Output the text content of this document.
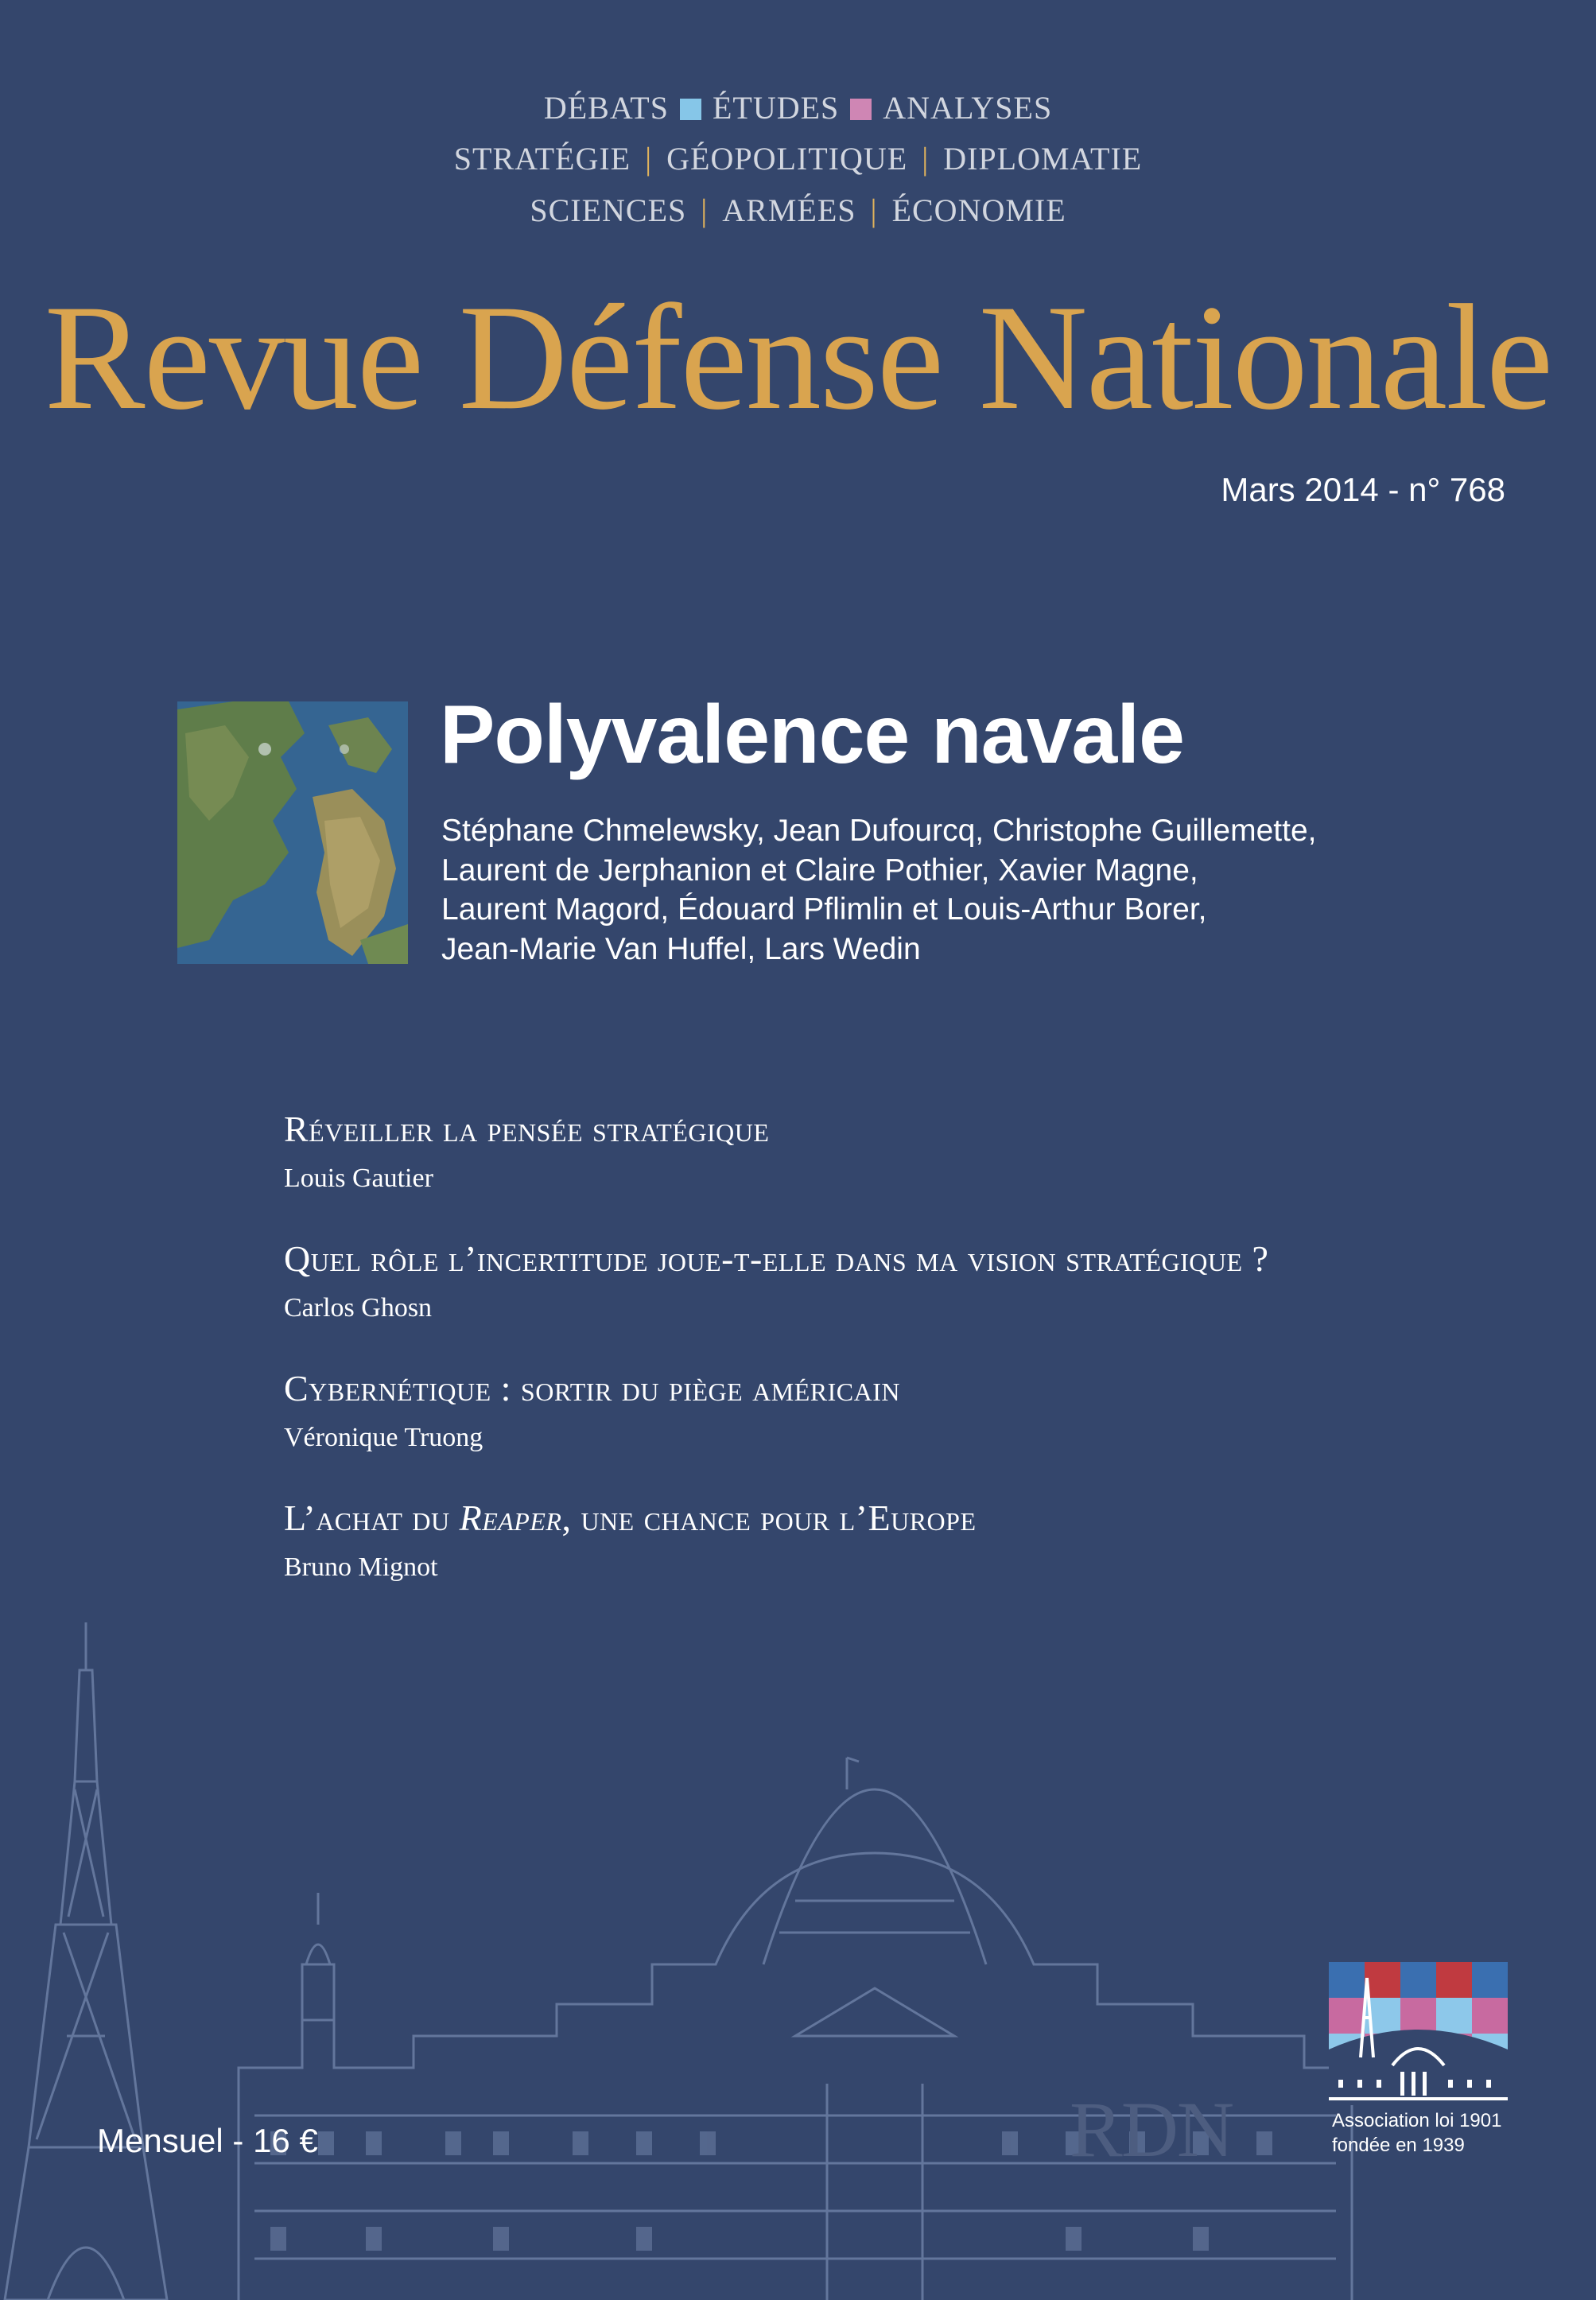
DÉBATS ÉTUDES ANALYSES
STRATÉGIE | GÉOPOLITIQUE | DIPLOMATIE
SCIENCES | ARMÉES | ÉCONOMIE
Revue Défense Nationale
Mars 2014 - n° 768
Polyvalence navale
Stéphane Chmelewsky, Jean Dufourcq, Christophe Guillemette,
Laurent de Jerphanion et Claire Pothier, Xavier Magne,
Laurent Magord, Édouard Pflimlin et Louis-Arthur Borer,
Jean-Marie Van Huffel, Lars Wedin
Réveiller la pensée stratégique
Louis Gautier
Quel rôle l’incertitude joue-t-elle dans ma vision stratégique ?
Carlos Ghosn
Cybernétique : sortir du piège américain
Véronique Truong
L’achat du Reaper, une chance pour l’Europe
Bruno Mignot
Mensuel - 16 €	RDN	Association loi 1901
fondée en 1939
